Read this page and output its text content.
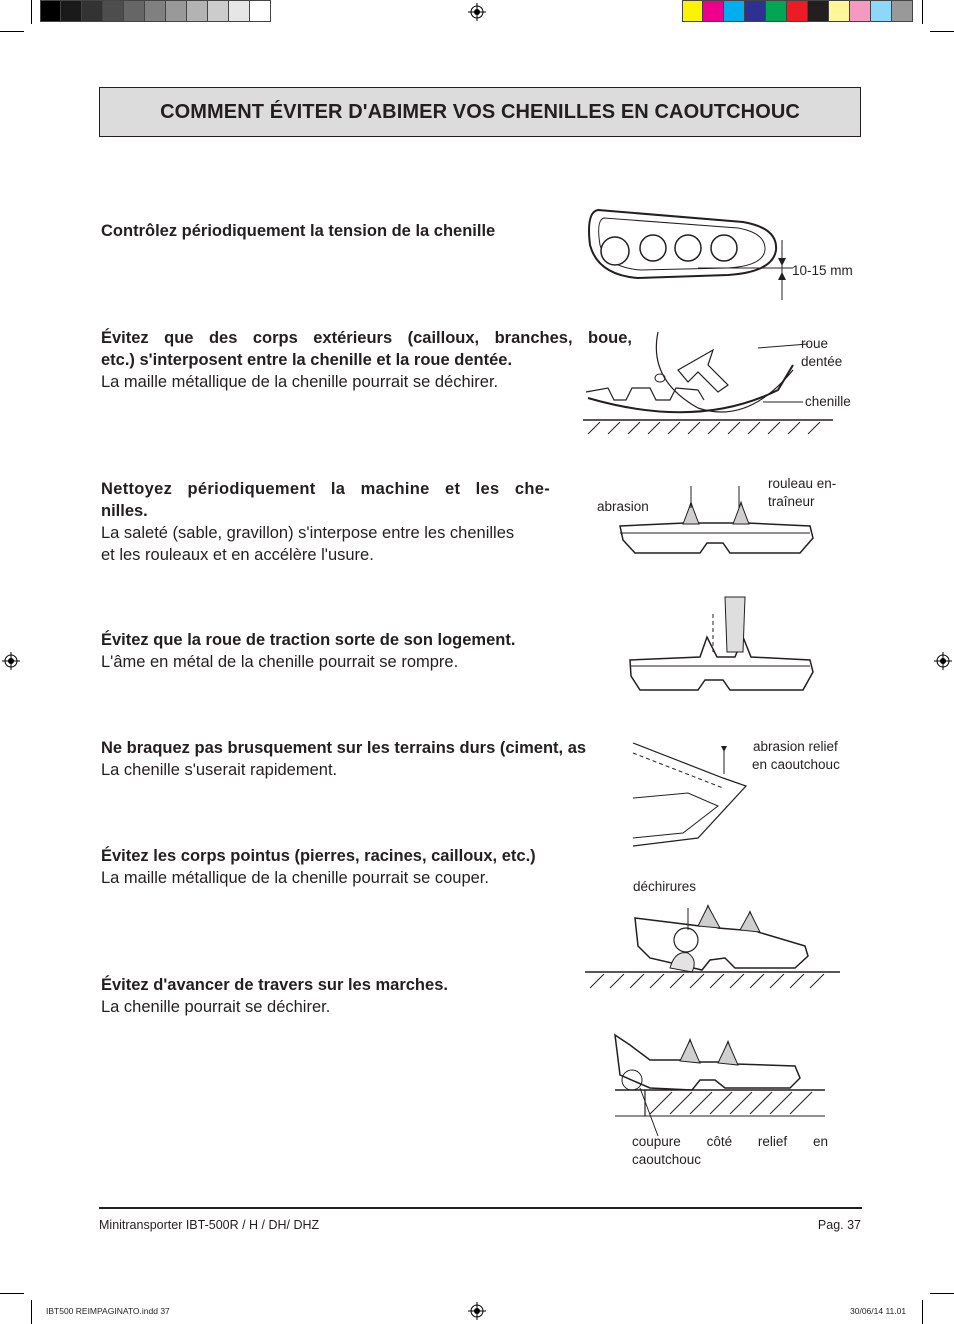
COMMENT ÉVITER D'ABIMER VOS CHENILLES EN CAOUTCHOUC
Contrôlez périodiquement la tension de la chenille
Évitez que des corps extérieurs (cailloux, branches, boue,
etc.) s'interposent entre la chenille et la roue dentée.
La maille métallique de la chenille pourrait se déchirer.
Nettoyez périodiquement la machine et les che-
nilles.
La saleté (sable, gravillon) s'interpose entre les chenilles
et les rouleaux et en accélère l'usure.
Évitez que la roue de traction sorte de son logement.
L'âme en métal de la chenille pourrait se rompre.
Ne braquez pas brusquement sur les terrains durs (ciment, as
La chenille s'userait rapidement.
Évitez les corps pointus (pierres, racines, cailloux, etc.)
La maille métallique de la chenille pourrait se couper.
Évitez d'avancer de travers sur les marches.
La chenille pourrait se déchirer.
10-15 mm
roue
dentée
chenille
abrasion
rouleau en-
traîneur
abrasion relief
en caoutchouc
déchirures
coupure côté relief en
caoutchouc
Minitransporter IBT-500R / H / DH/ DHZ	Pag. 37
IBT500 REIMPAGINATO.indd 37	30/06/14 11.01
